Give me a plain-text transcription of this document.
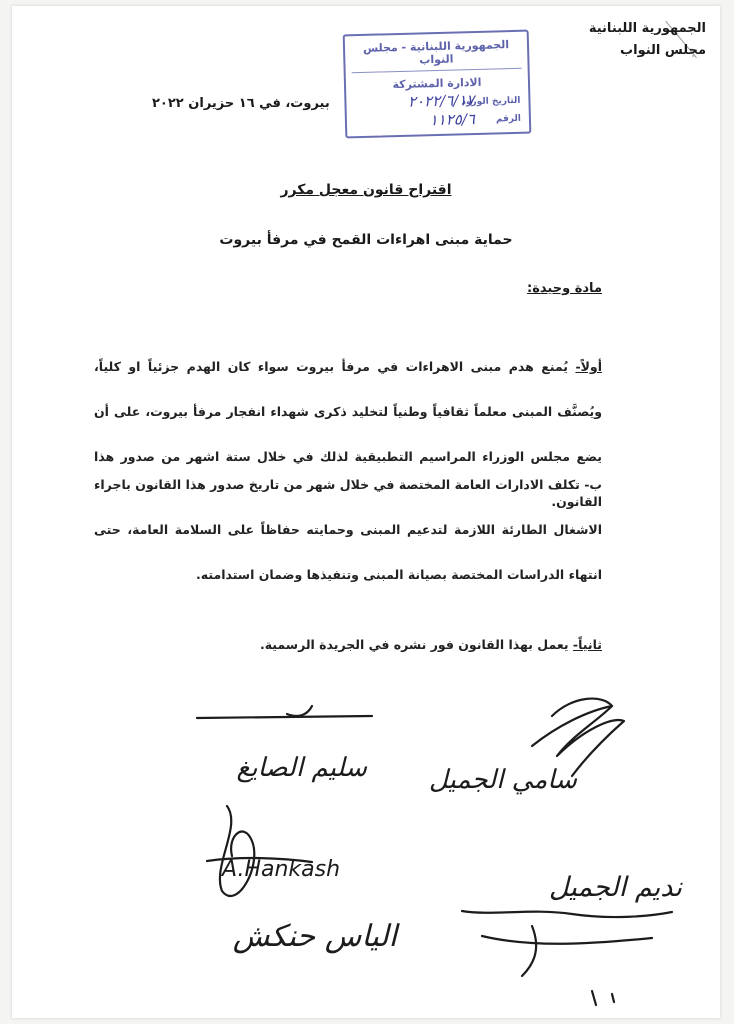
الجمهورية اللبنانية
مجلس النواب
الجمهورية اللبنانية - مجلس النواب
الادارة المشتركة
التاريخ الورود
٢٠٢٢/٦/١٧
الرقم
١١٢٥/٦
بيروت، في ١٦ حزيران ٢٠٢٢
اقتراح قانون معجل مكرر
حماية مبنى اهراءات القمح في مرفأ بيروت
مادة وحيدة:
أولاً- يُمنع هدم مبنى الاهراءات في مرفأ بيروت سواء كان الهدم جزئياً او كلياً، ويُصنَّف المبنى معلماً ثقافياً وطنياً لتخليد ذكرى شهداء انفجار مرفأ بيروت، على أن يضع مجلس الوزراء المراسيم التطبيقية لذلك في خلال ستة اشهر من صدور هذا القانون.
ب- تكلف الادارات العامة المختصة في خلال شهر من تاريخ صدور هذا القانون باجراء الاشغال الطارئة اللازمة لتدعيم المبنى وحمايته حفاظاً على السلامة العامة، حتى انتهاء الدراسات المختصة بصيانة المبنى وتنفيذها وضمان استدامته.
ثانياً- يعمل بهذا القانون فور نشره في الجريدة الرسمية.
سامي الجميل
سليم الصايغ
نديم الجميل
A.Hankash
الياس حنكش
